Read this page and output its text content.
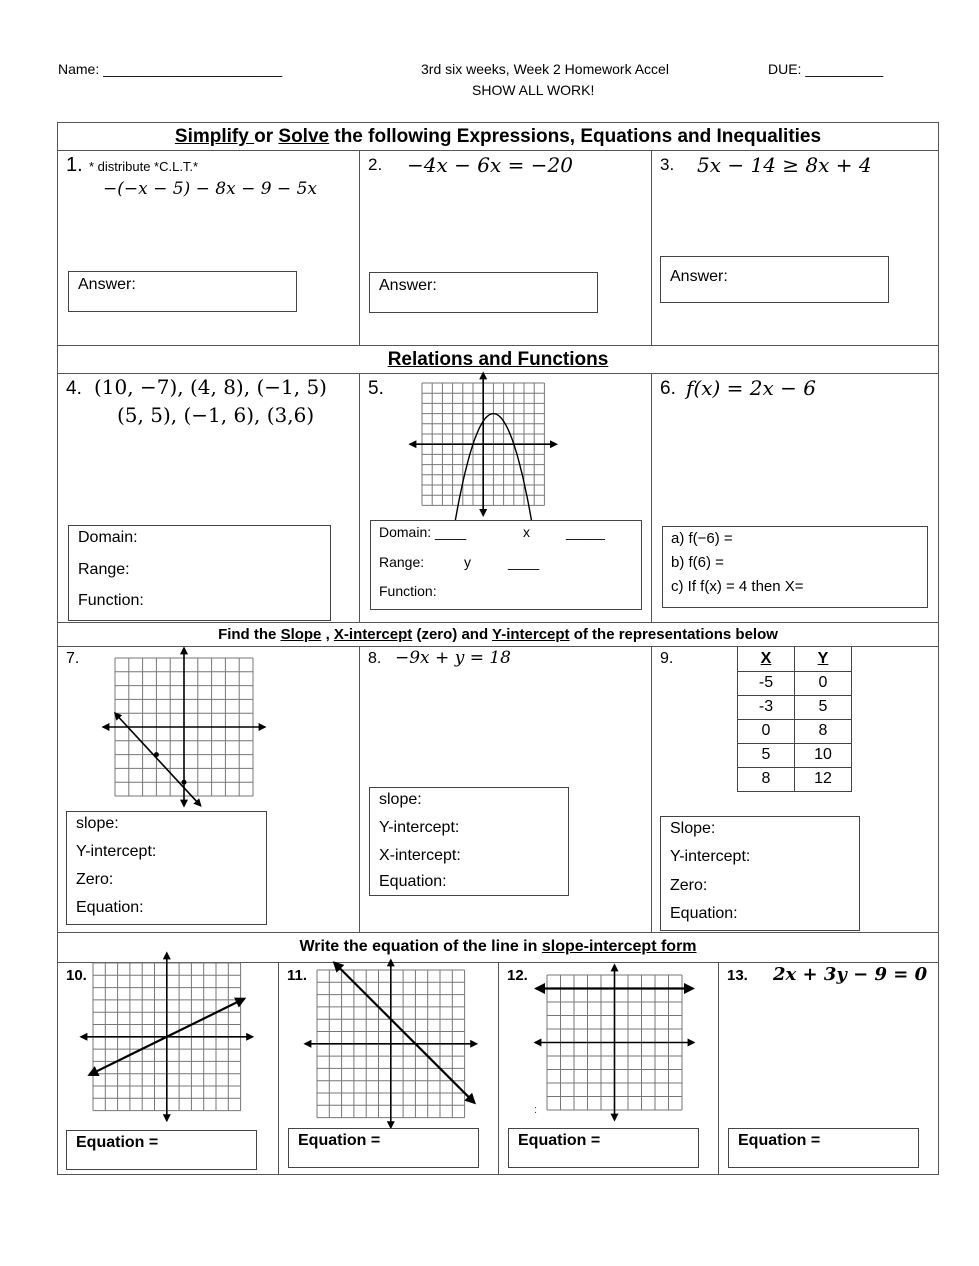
Name: _______________________	3rd six weeks, Week 2 Homework Accel	DUE: __________
SHOW ALL WORK!
Simplify or Solve the following Expressions, Equations and Inequalities
1. * distribute *C.L.T.*
−(−x − 5) − 8x − 9 − 5x
Answer:
2. −4x − 6x = −20
Answer:
3. 5x − 14 ≥ 8x + 4
Answer:
Relations and Functions
4. (10, −7), (4, 8), (−1, 5)
(5, 5), (−1, 6), (3,6)
Domain:
Range:
Function:
5.
Domain: ____	x	_____
Range:	y	____
Function:
6. f(x) = 2x − 6
a) f(−6) =
b) f(6) =
c) If f(x) = 4 then X=
Find the Slope , X-intercept (zero) and Y-intercept of the representations below
7.
slope:
Y-intercept:
Zero:
Equation:
8. −9x + y = 18
slope:
Y-intercept:
X-intercept:
Equation:
9.	X	Y
-5	0
-3	5
0	8
5	10
8	12
Slope:
Y-intercept:
Zero:
Equation:
Write the equation of the line in slope-intercept form
10.
Equation =
11.
Equation =
12.
:
Equation =
13. 2x + 3y − 9 = 0
Equation =
